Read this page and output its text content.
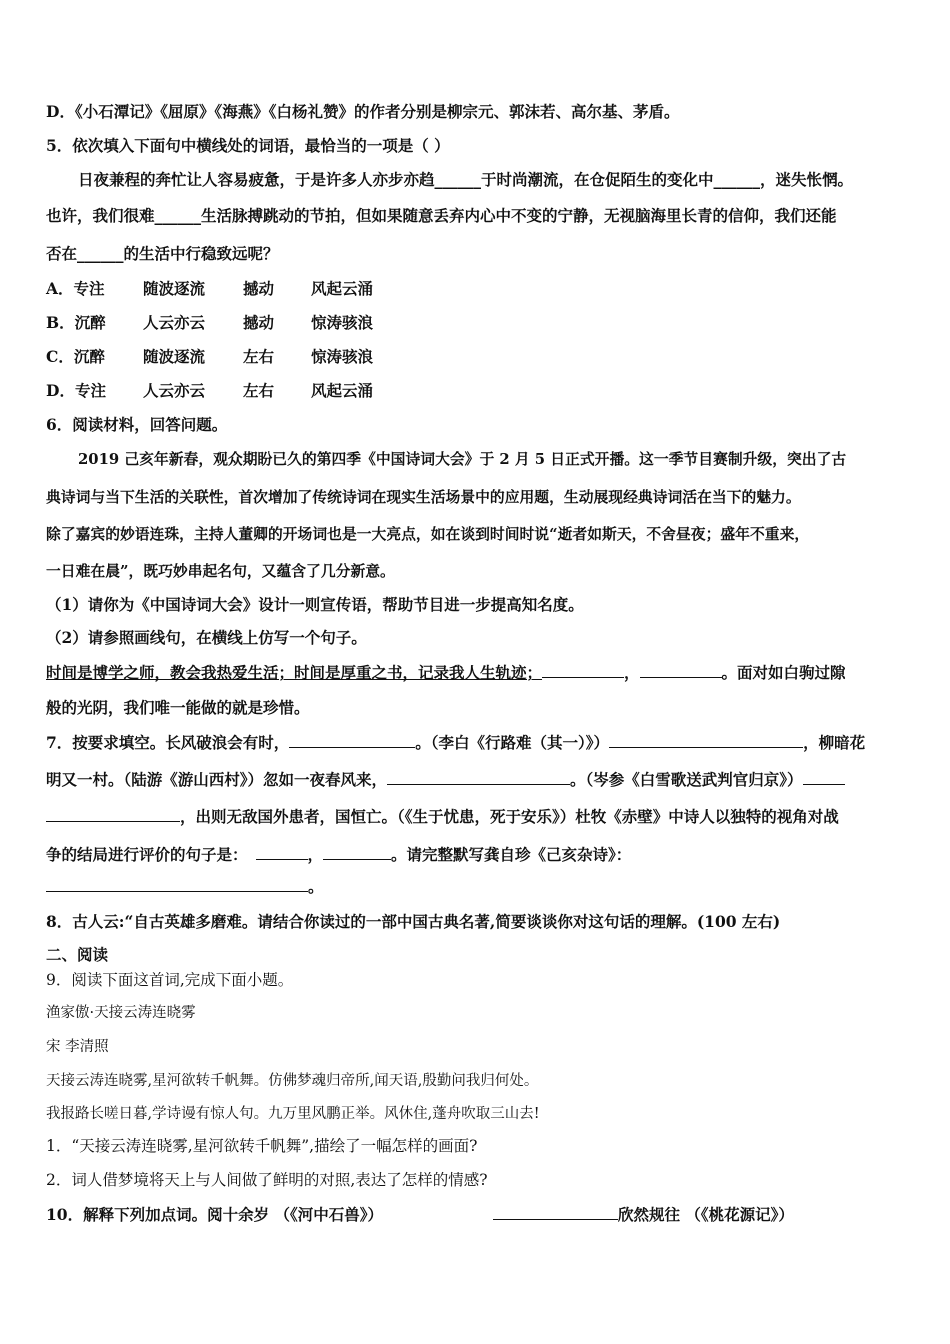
D．《小石潭记》《屈原》《海燕》《白杨礼赞》的作者分别是柳宗元、郭沫若、高尔基、茅盾。
5．依次填入下面句中横线处的词语，最恰当的一项是（ ）
日夜兼程的奔忙让人容易疲惫，于是许多人亦步亦趋______于时尚潮流，在仓促陌生的变化中______，迷失怅惘。
也许，我们很难______生活脉搏跳动的节拍，但如果随意丢弃内心中不变的宁静，无视脑海里长青的信仰，我们还能
否在______的生活中行稳致远呢？
A．专注 随波逐流 撼动 风起云涌
B．沉醉 人云亦云 撼动 惊涛骇浪
C．沉醉 随波逐流 左右 惊涛骇浪
D．专注 人云亦云 左右 风起云涌
6．阅读材料，回答问题。
2019 己亥年新春，观众期盼已久的第四季《中国诗词大会》于 2 月 5 日正式开播。这一季节目赛制升级，突出了古
典诗词与当下生活的关联性，首次增加了传统诗词在现实生活场景中的应用题，生动展现经典诗词活在当下的魅力。
除了嘉宾的妙语连珠，主持人董卿的开场词也是一大亮点，如在谈到时间时说“逝者如斯天，不舍昼夜；盛年不重来，
一日难在晨”，既巧妙串起名句，又蕴含了几分新意。
（1）请你为《中国诗词大会》设计一则宣传语，帮助节目进一步提高知名度。
（2）请参照画线句，在横线上仿写一个句子。
时间是博学之师，教会我热爱生活；时间是厚重之书，记录我人生轨迹；	，	。面对如白驹过隙
般的光阴，我们唯一能做的就是珍惜。
7．按要求填空。长风破浪会有时，	。（李白《行路难（其一）》）	，柳暗花
明又一村。（陆游《游山西村》）忽如一夜春风来，	。（岑参《白雪歌送武判官归京》）
，出则无敌国外患者，国恒亡。（《生于忧患，死于安乐》）杜牧《赤壁》中诗人以独特的视角对战
争的结局进行评价的句子是：	，	。请完整默写龚自珍《己亥杂诗》：
。
8．古人云:“自古英雄多磨难。请结合你读过的一部中国古典名著,简要谈谈你对这句话的理解。(100 左右)
二、阅读
9．阅读下面这首词,完成下面小题。
渔家傲·天接云涛连晓雾
宋 李清照
天接云涛连晓雾,星河欲转千帆舞。仿佛梦魂归帝所,闻天语,殷勤问我归何处。
我报路长嗟日暮,学诗谩有惊人句。九万里风鹏正举。风休住,蓬舟吹取三山去!
1．“天接云涛连晓雾,星河欲转千帆舞”,描绘了一幅怎样的画面?
2．词人借梦境将天上与人间做了鲜明的对照,表达了怎样的情感?
10．解释下列加点词。阅十余岁 （《河中石兽》）	欣然规往 （《桃花源记》）
